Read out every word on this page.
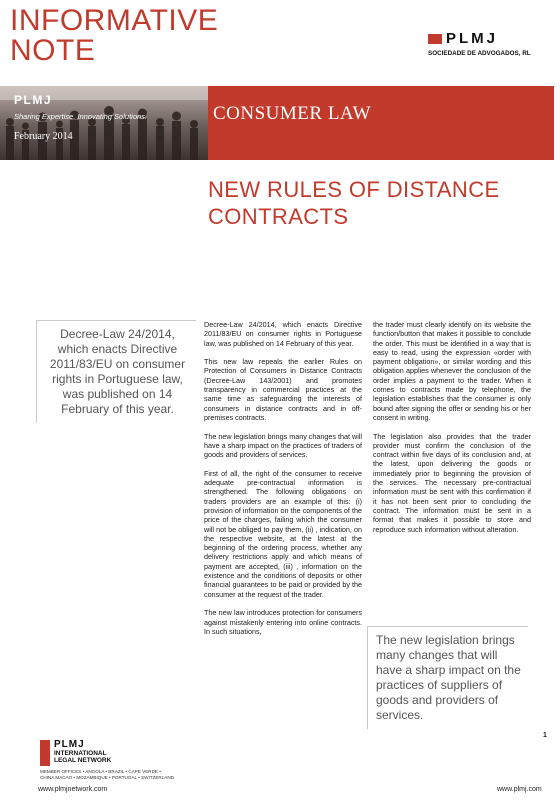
INFORMATIVE
NOTE	PLMJ
SOCIEDADE DE ADVOGADOS, RL
PLMJ
Sharing Expertise. Innovating Solutions.
February 2014
CONSUMER LAW
NEW RULES OF DISTANCE
CONTRACTS
Decree-Law 24/2014, which enacts Directive 2011/83/EU on consumer rights in Portuguese law, was published on 14 February of this year.

Decree-Law 24/2014, which enacts Directive 2011/83/EU on consumer rights in Portuguese law, was published on 14 February of this year.

This new law repeals the earlier Rules on Protection of Consumers in Distance Contracts (Decree-Law 143/2001) and promotes transparency in commercial practices at the same time as safeguarding the interests of consumers in distance contracts and in off-premises contracts.

The new legislation brings many changes that will have a sharp impact on the practices of traders of goods and providers of services.

First of all, the right of the consumer to receive adequate pre-contractual information is strengthened. The following obligations on traders providers are an example of this: (i) provision of information on the components of the price of the charges, failing which the consumer will not be obliged to pay them, (ii) , indication, on the respective website, at the latest at the beginning of the ordering process, whether any delivery restrictions apply and which means of payment are accepted, (iii) , information on the existence and the conditions of deposits or other financial guarantees to be paid or provided by the consumer at the request of the trader.

The new law introduces protection for consumers against mistakenly entering into online contracts. In such situations,

the trader must clearly identify on its website the function/button that makes it possible to conclude the order. This must be identified in a way that is easy to read, using the expression «order with payment obligation», or similar wording and this obligation applies whenever the conclusion of the order implies a payment to the trader. When it comes to contracts made by telephone, the legislation establishes that the consumer is only bound after signing the offer or sending his or her consent in writing.

The legislation also provides that the trader provider must confirm the conclusion of the contract within five days of its conclusion and, at the latest, upon delivering the goods or immediately prior to beginning the provision of the services. The necessary pre-contractual information must be sent with this confirmation if it has not been sent prior to concluding the contract. The information must be sent in a format that makes it possible to store and reproduce such information without alteration.

The new legislation brings many changes that will have a sharp impact on the practices of suppliers of goods and providers of services.
1
PLMJ
INTERNATIONAL
LEGAL NETWORK
MEMBER OFFICES • ANGOLA • BRAZIL • CAPE VERDE • CHINA MACAO • MOZAMBIQUE • PORTUGAL • SWITZERLAND
www.plmjnetwork.com	www.plmj.com
